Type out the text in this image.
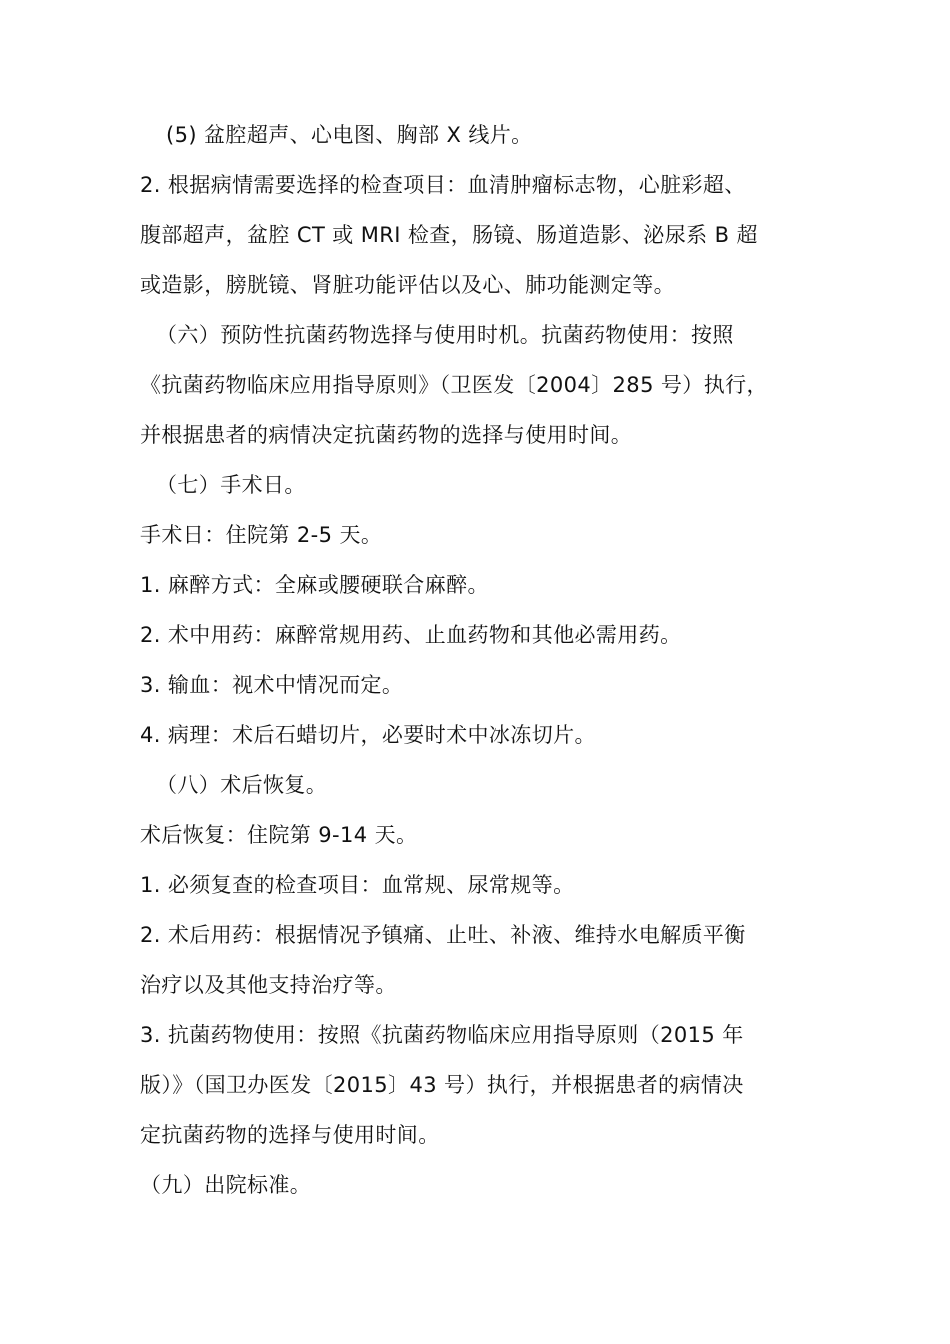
(5) 盆腔超声、心电图、胸部 X 线片。

2. 根据病情需要选择的检查项目：血清肿瘤标志物，心脏彩超、

腹部超声，盆腔 CT 或 MRI 检查，肠镜、肠道造影、泌尿系 B 超

或造影，膀胱镜、肾脏功能评估以及心、肺功能测定等。

（六）预防性抗菌药物选择与使用时机。抗菌药物使用：按照

《抗菌药物临床应用指导原则》（卫医发〔2004〕285 号）执行，

并根据患者的病情决定抗菌药物的选择与使用时间。

（七）手术日。

手术日：住院第 2-5 天。

1. 麻醉方式：全麻或腰硬联合麻醉。

2. 术中用药：麻醉常规用药、止血药物和其他必需用药。

3. 输血：视术中情况而定。

4. 病理：术后石蜡切片，必要时术中冰冻切片。

（八）术后恢复。

术后恢复：住院第 9-14 天。

1. 必须复查的检查项目：血常规、尿常规等。

2. 术后用药：根据情况予镇痛、止吐、补液、维持水电解质平衡

治疗以及其他支持治疗等。

3. 抗菌药物使用：按照《抗菌药物临床应用指导原则（2015 年

版）》（国卫办医发〔2015〕43 号）执行，并根据患者的病情决

定抗菌药物的选择与使用时间。

（九）出院标准。
